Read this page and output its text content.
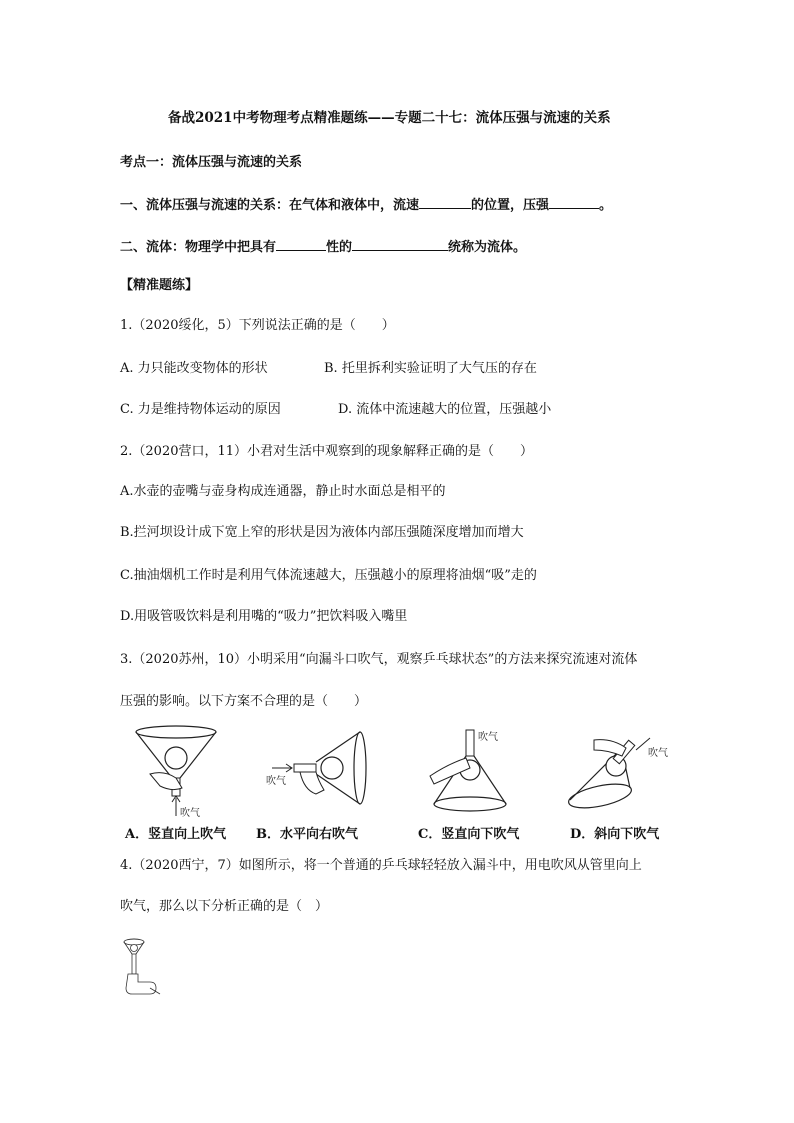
备战2021中考物理考点精准题练——专题二十七：流体压强与流速的关系
考点一：流体压强与流速的关系
一、流体压强与流速的关系：在气体和液体中，流速	的位置，压强	。
二、流体：物理学中把具有	性的	统称为流体。
【精准题练】
1.（2020绥化，5）下列说法正确的是（　　）
A. 力只能改变物体的形状	B. 托里拆利实验证明了大气压的存在
C. 力是维持物体运动的原因	D. 流体中流速越大的位置，压强越小
2.（2020营口，11）小君对生活中观察到的现象解释正确的是（　　）
A.水壶的壶嘴与壶身构成连通器，静止时水面总是相平的
B.拦河坝设计成下宽上窄的形状是因为液体内部压强随深度增加而增大
C.抽油烟机工作时是利用气体流速越大，压强越小的原理将油烟“吸”走的
D.用吸管吸饮料是利用嘴的“吸力”把饮料吸入嘴里
3.（2020苏州，10）小明采用“向漏斗口吹气，观察乒乓球状态”的方法来探究流速对流体
压强的影响。以下方案不合理的是（　　）
吹气
吹气
吹气
吹气
A．竖直向上吹气 B．水平向右吹气	C．竖直向下吹气	D．斜向下吹气
4.（2020西宁，7）如图所示，将一个普通的乒乓球轻轻放入漏斗中，用电吹风从管里向上
吹气，那么以下分析正确的是（　）
